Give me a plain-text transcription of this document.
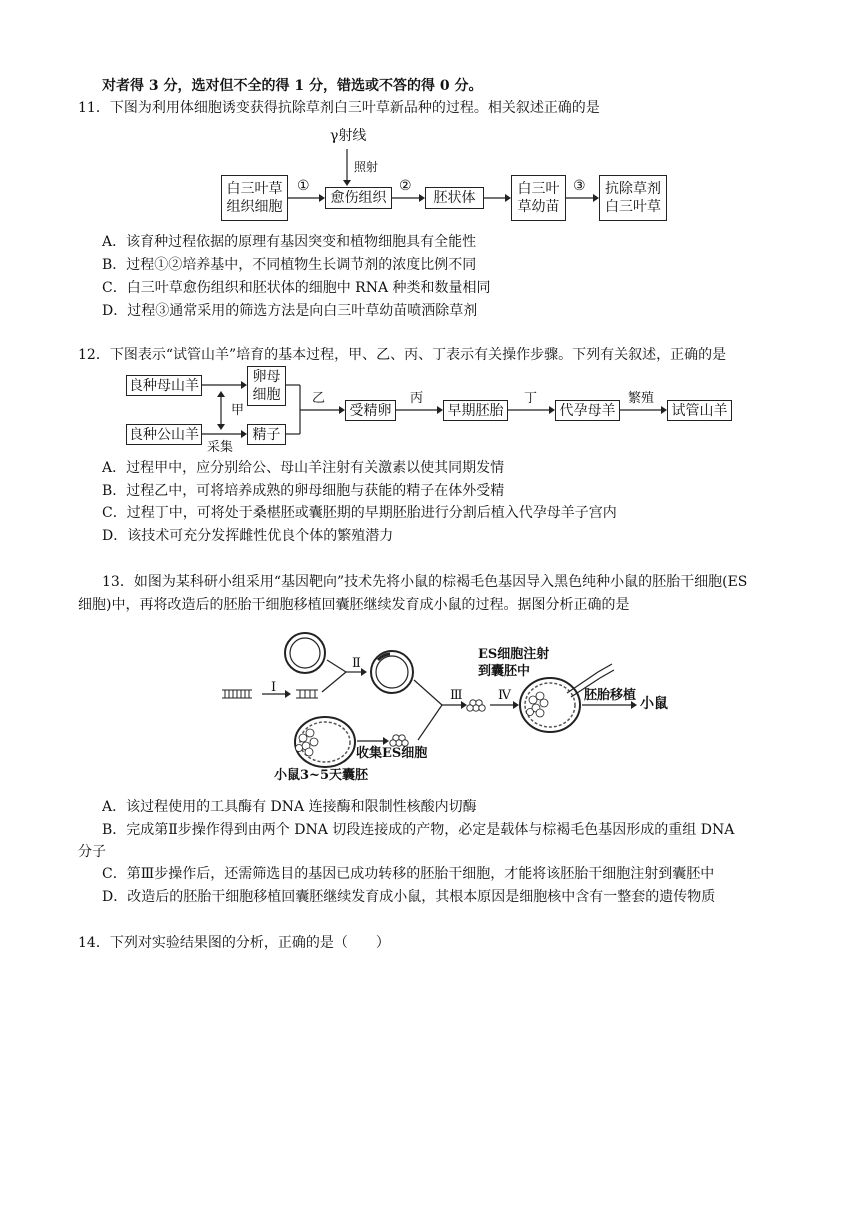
对者得 3 分，选对但不全的得 1 分，错选或不答的得 0 分。
11．下图为利用体细胞诱变获得抗除草剂白三叶草新品种的过程。相关叙述正确的是
γ射线
照射
白三叶草
组织细胞
①
愈伤组织
②
胚状体
白三叶
草幼苗
③ 抗除草剂
白三叶草
A．该育种过程依据的原理有基因突变和植物细胞具有全能性
B．过程①②培养基中，不同植物生长调节剂的浓度比例不同
C．白三叶草愈伤组织和胚状体的细胞中 RNA 种类和数量相同
D．过程③通常采用的筛选方法是向白三叶草幼苗喷洒除草剂
12．下图表示“试管山羊”培育的基本过程，甲、乙、丙、丁表示有关操作步骤。下列有关叙述，正确的是
良种母山羊
良种公山羊
甲
采集
卵母
细胞
精子
乙
受精卵
丙
早期胚胎
丁
代孕母羊
繁殖
试管山羊
A．过程甲中，应分别给公、母山羊注射有关激素以使其同期发情
B．过程乙中，可将培养成熟的卵母细胞与获能的精子在体外受精
C．过程丁中，可将处于桑椹胚或囊胚期的早期胚胎进行分割后植入代孕母羊子宫内
D．该技术可充分发挥雌性优良个体的繁殖潜力
13．如图为某科研小组采用“基因靶向”技术先将小鼠的棕褐毛色基因导入黑色纯种小鼠的胚胎干细胞(ES
细胞)中，再将改造后的胚胎干细胞移植回囊胚继续发育成小鼠的过程。据图分析正确的是
Ⅰ
Ⅱ
Ⅲ	Ⅳ
ES细胞注射
到囊胚中
胚胎移植
小鼠
收集ES细胞
小鼠3~5天囊胚
A．该过程使用的工具酶有 DNA 连接酶和限制性核酸内切酶
B．完成第Ⅱ步操作得到由两个 DNA 切段连接成的产物，必定是载体与棕褐毛色基因形成的重组 DNA
分子
C．第Ⅲ步操作后，还需筛选目的基因已成功转移的胚胎干细胞，才能将该胚胎干细胞注射到囊胚中
D．改造后的胚胎干细胞移植回囊胚继续发育成小鼠，其根本原因是细胞核中含有一整套的遗传物质
14．下列对实验结果图的分析，正确的是（　　）
